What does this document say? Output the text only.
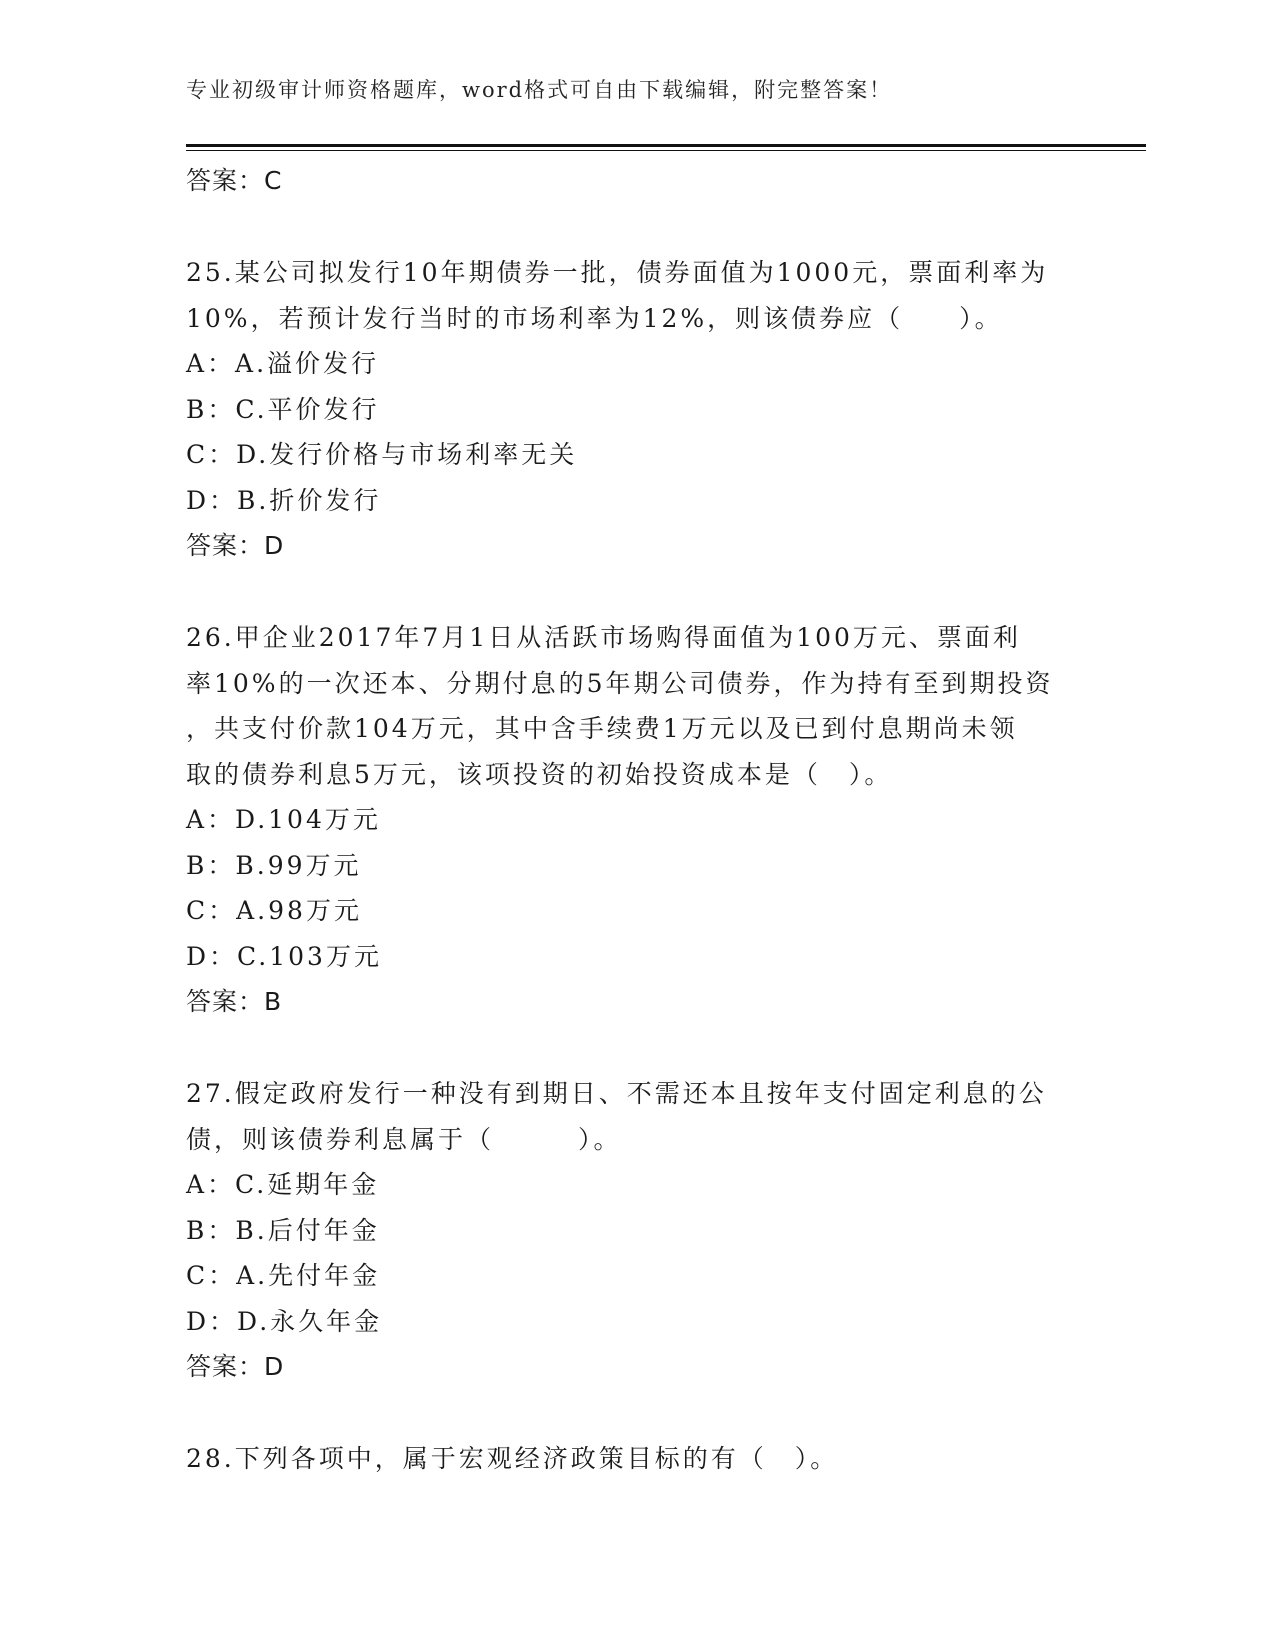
专业初级审计师资格题库，word格式可自由下载编辑，附完整答案！
答案：C
25.某公司拟发行10年期债券一批，债券面值为1000元，票面利率为
10%，若预计发行当时的市场利率为12%，则该债券应（　　）。
A：A.溢价发行
B：C.平价发行
C：D.发行价格与市场利率无关
D：B.折价发行
答案：D
26.甲企业2017年7月1日从活跃市场购得面值为100万元、票面利
率10%的一次还本、分期付息的5年期公司债券，作为持有至到期投资
，共支付价款104万元，其中含手续费1万元以及已到付息期尚未领
取的债券利息5万元，该项投资的初始投资成本是（　）。
A：D.104万元
B：B.99万元
C：A.98万元
D：C.103万元
答案：B
27.假定政府发行一种没有到期日、不需还本且按年支付固定利息的公
债，则该债券利息属于（　　　）。
A：C.延期年金
B：B.后付年金
C：A.先付年金
D：D.永久年金
答案：D
28.下列各项中，属于宏观经济政策目标的有（　）。
